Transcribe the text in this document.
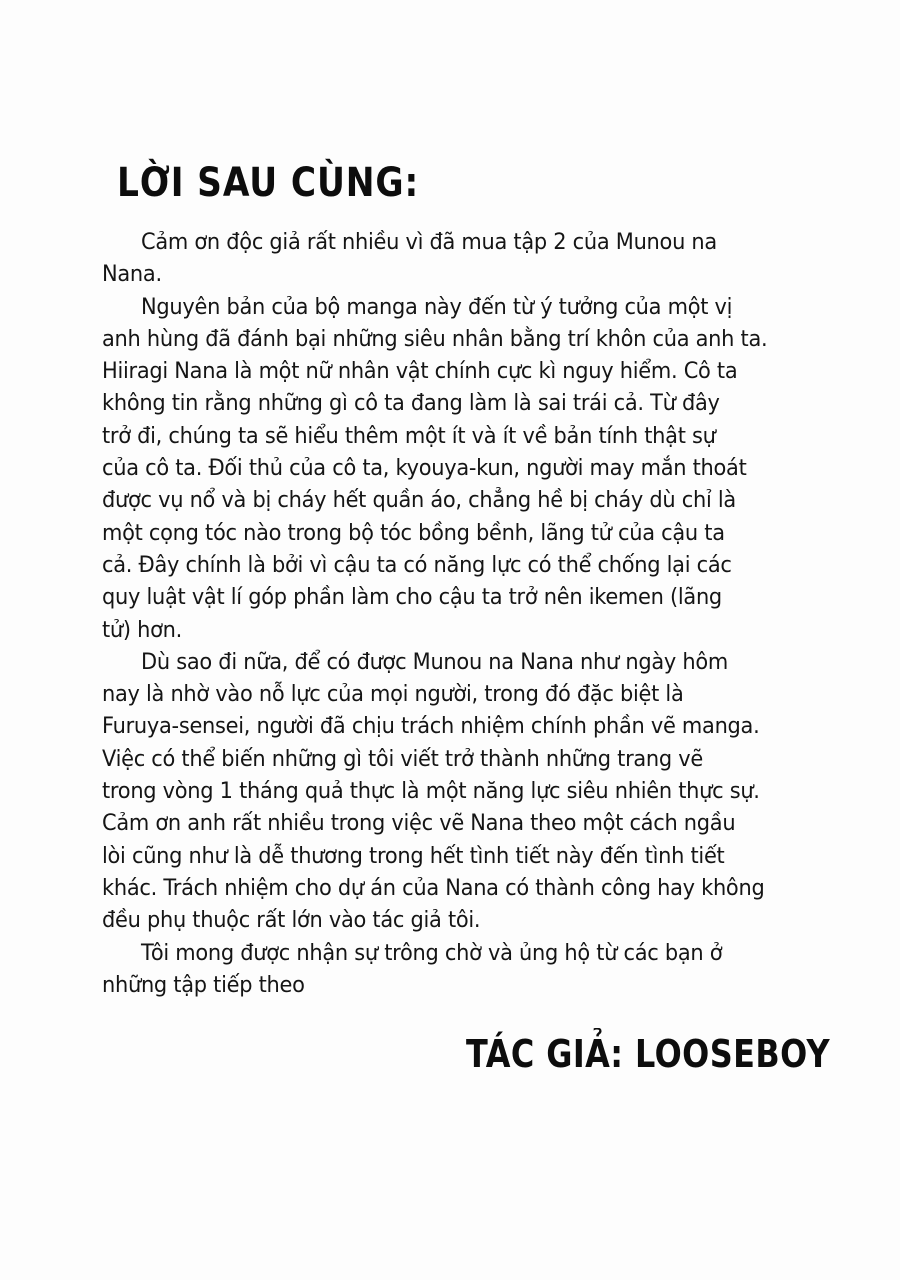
LỜI SAU CÙNG:
Cảm ơn độc giả rất nhiều vì đã mua tập 2 của Munou na
Nana.
Nguyên bản của bộ manga này đến từ ý tưởng của một vị
anh hùng đã đánh bại những siêu nhân bằng trí khôn của anh ta.
Hiiragi Nana là một nữ nhân vật chính cực kì nguy hiểm. Cô ta
không tin rằng những gì cô ta đang làm là sai trái cả. Từ đây
trở đi, chúng ta sẽ hiểu thêm một ít và ít về bản tính thật sự
của cô ta. Đối thủ của cô ta, kyouya-kun, người may mắn thoát
được vụ nổ và bị cháy hết quần áo, chẳng hề bị cháy dù chỉ là
một cọng tóc nào trong bộ tóc bồng bềnh, lãng tử của cậu ta
cả. Đây chính là bởi vì cậu ta có năng lực có thể chống lại các
quy luật vật lí góp phần làm cho cậu ta trở nên ikemen (lãng
tử) hơn.
Dù sao đi nữa, để có được Munou na Nana như ngày hôm
nay là nhờ vào nỗ lực của mọi người, trong đó đặc biệt là
Furuya-sensei, người đã chịu trách nhiệm chính phần vẽ manga.
Việc có thể biến những gì tôi viết trở thành những trang vẽ
trong vòng 1 tháng quả thực là một năng lực siêu nhiên thực sự.
Cảm ơn anh rất nhiều trong việc vẽ Nana theo một cách ngầu
lòi cũng như là dễ thương trong hết tình tiết này đến tình tiết
khác. Trách nhiệm cho dự án của Nana có thành công hay không
đều phụ thuộc rất lớn vào tác giả tôi.
Tôi mong được nhận sự trông chờ và ủng hộ từ các bạn ở
những tập tiếp theo
TÁC GIẢ: LOOSEBOY
